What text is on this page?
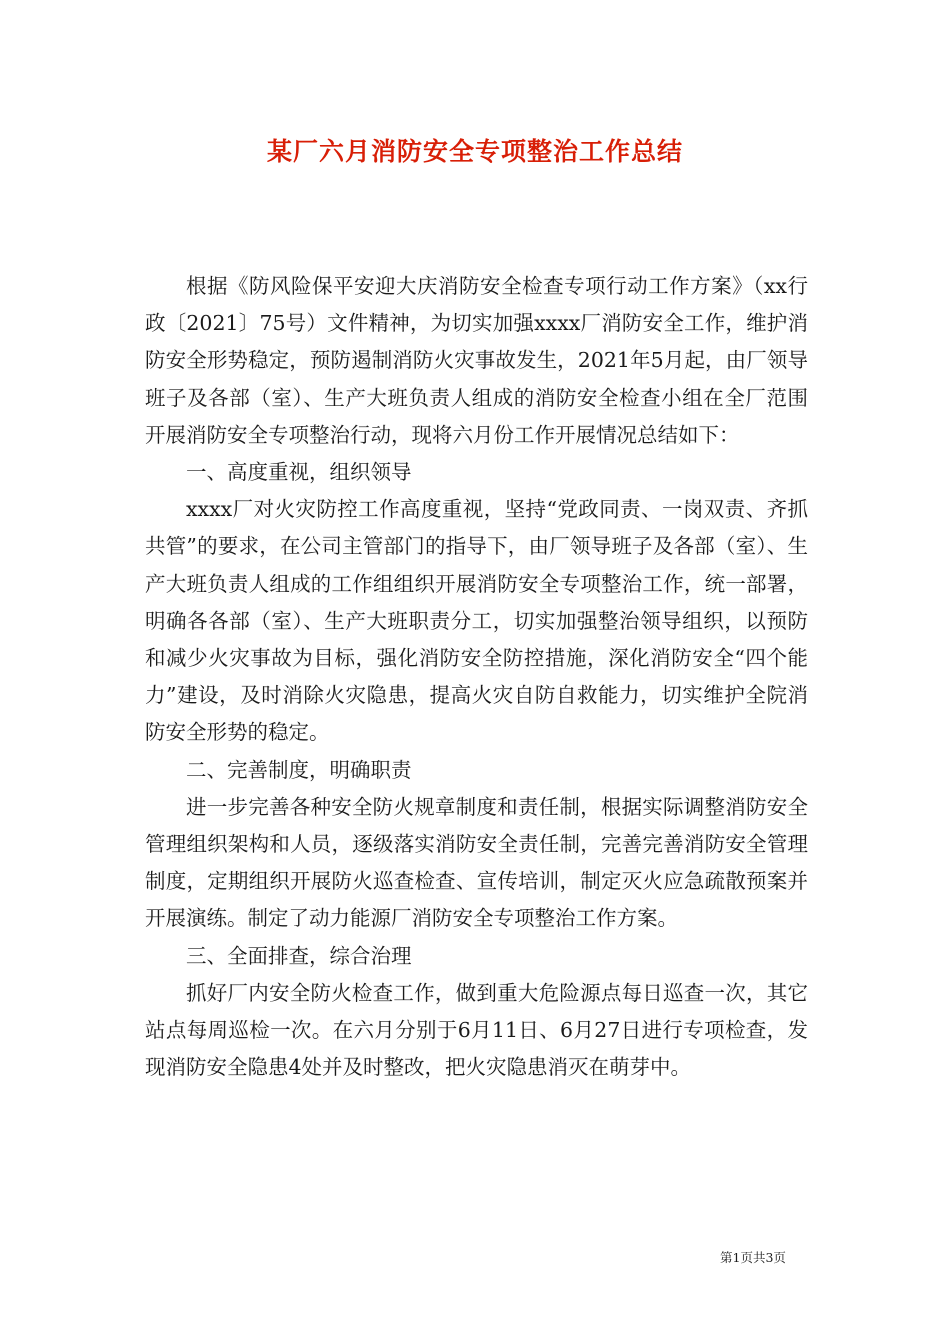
某厂六月消防安全专项整治工作总结

根据《防风险保平安迎大庆消防安全检查专项行动工作方案》（xx行政〔2021〕75号）文件精神，为切实加强xxxx厂消防安全工作，维护消防安全形势稳定，预防遏制消防火灾事故发生，2021年5月起，由厂领导班子及各部（室）、生产大班负责人组成的消防安全检查小组在全厂范围开展消防安全专项整治行动，现将六月份工作开展情况总结如下：

一、高度重视，组织领导

xxxx厂对火灾防控工作高度重视，坚持“党政同责、一岗双责、齐抓共管”的要求，在公司主管部门的指导下，由厂领导班子及各部（室）、生产大班负责人组成的工作组组织开展消防安全专项整治工作，统一部署，明确各各部（室）、生产大班职责分工，切实加强整治领导组织，以预防和减少火灾事故为目标，强化消防安全防控措施，深化消防安全“四个能力”建设，及时消除火灾隐患，提高火灾自防自救能力，切实维护全院消防安全形势的稳定。

二、完善制度，明确职责

进一步完善各种安全防火规章制度和责任制，根据实际调整消防安全管理组织架构和人员，逐级落实消防安全责任制，完善完善消防安全管理制度，定期组织开展防火巡查检查、宣传培训，制定灭火应急疏散预案并开展演练。制定了动力能源厂消防安全专项整治工作方案。

三、全面排查，综合治理

抓好厂内安全防火检查工作，做到重大危险源点每日巡查一次，其它站点每周巡检一次。在六月分别于6月11日、6月27日进行专项检查，发现消防安全隐患4处并及时整改，把火灾隐患消灭在萌芽中。

第1页共3页
